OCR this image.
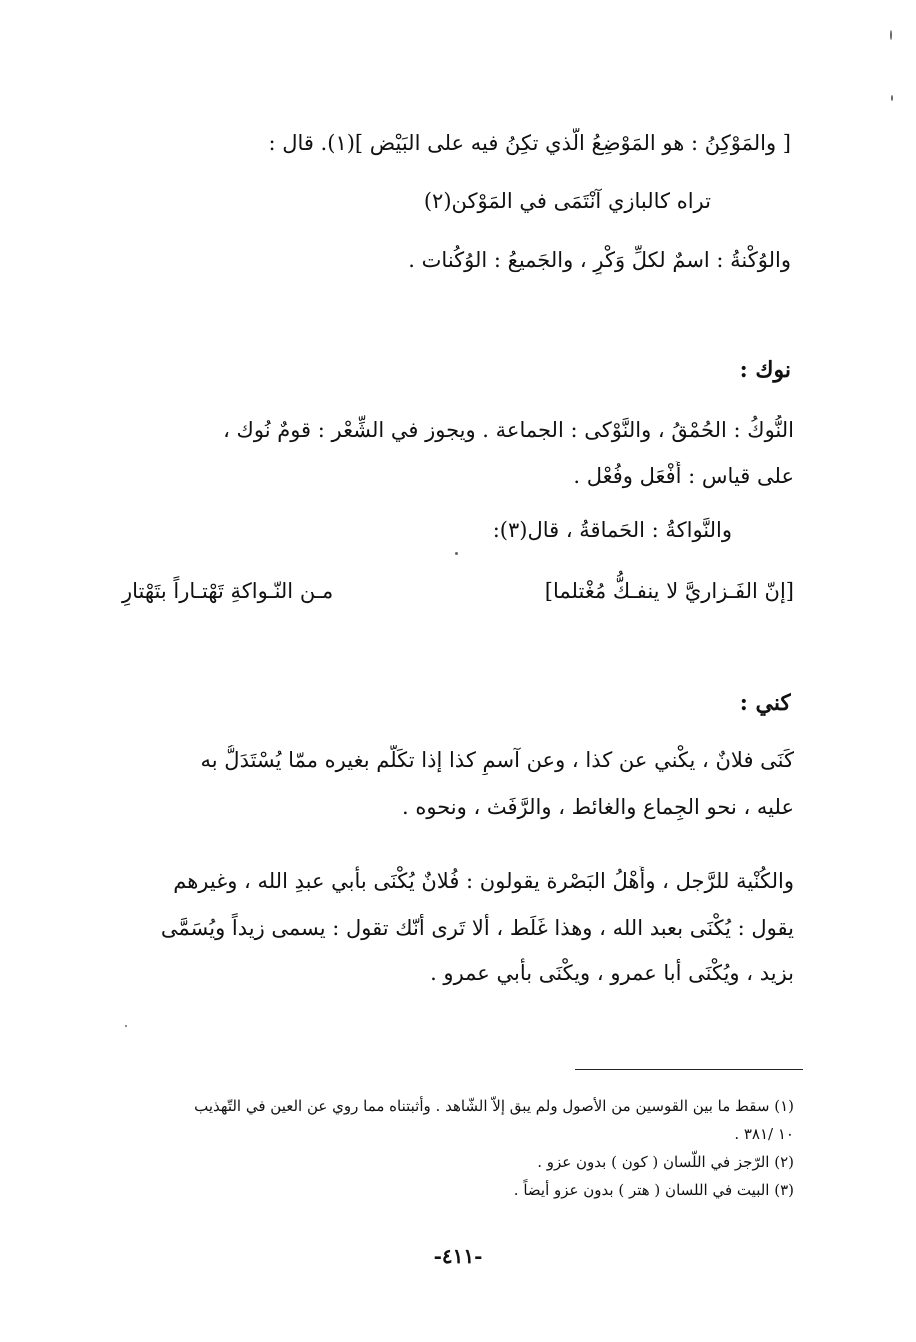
[ والمَوْكِنُ : هو المَوْضِعُ الّذي تكِنُ فيه على البَيْض ](١). قال :
تراه كالبازي آنْتَمَى في المَوْكن(٢)
والوُكْنةُ : اسمٌ لكلِّ وَكْرٍ ، والجَميعُ : الوُكُنات .
نوك :
النُّوكُ : الحُمْقُ ، والنَّوْكى : الجماعة . ويجوز في الشِّعْر : قومٌ نُوك ،
على قياس : أَفْعَل وفُعْل .
والنَّواكةُ : الحَماقةُ ، قال(٣):
[إنّ الفَـزاريَّ لا ينفـكُّ مُغْتلما]
مـن النّـواكةِ تَهْتـاراً بتَهْتارِ
كني :
كَنَى فلانٌ ، يكْني عن كذا ، وعن آسمٍ كذا إذا تكَلَّم بغيره ممّا يُسْتَدَلُّ به
عليه ، نحو الجِماع والغائط ، والرَّفَث ، ونحوه .
والكُنْية للرَّجل ، وأَهْلُ البَصْرة يقولون : فُلانٌ يُكْنَى بأبي عبدِ الله ، وغيرهم
يقول : يُكْنَى بعبد الله ، وهذا غَلَط ، ألا تَرى أنّك تقول : يسمى زيداً ويُسَمَّى
بزيد ، ويُكْنَى أبا عمرو ، ويكْنَى بأبي عمرو .
(١) سقط ما بين القوسين من الأصول ولم يبق إلاّ الشّاهد . وأثبتناه مما روي عن العين في التّهذيب
١٠ /٣٨١ .
(٢) الرّجز في اللّسان ( كون ) بدون عزو .
(٣) البيت في اللسان ( هتر ) بدون عزو أيضاً .
-٤١١-
